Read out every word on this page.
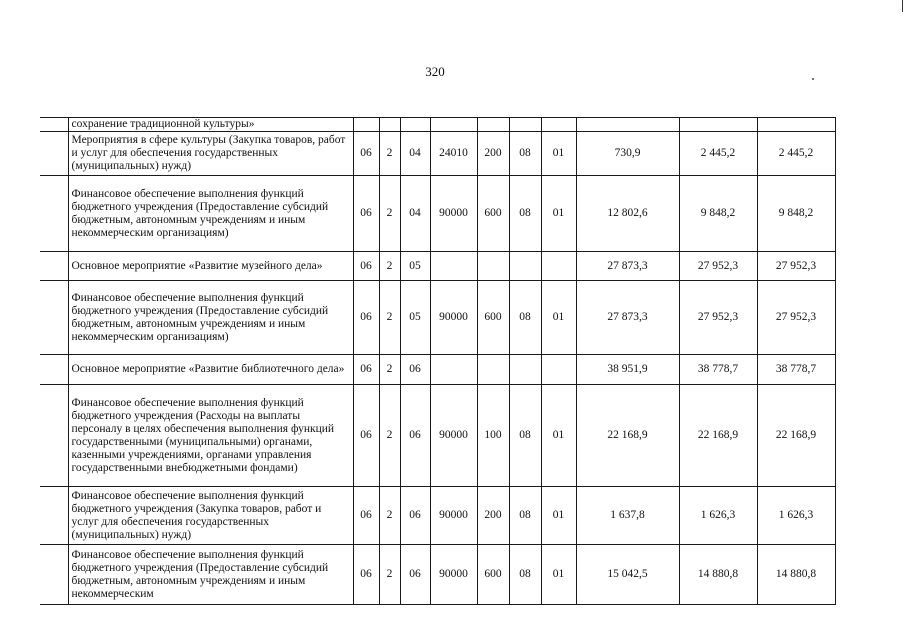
320
	сохранение традиционной культуры»										
	Мероприятия в сфере культуры (Закупка товаров, работ и услуг для обеспечения государственных (муниципальных) нужд)	06	2	04	24010	200	08	01	730,9	2 445,2	2 445,2
	Финансовое обеспечение выполнения функций бюджетного учреждения (Предоставление субсидий бюджетным, автономным учреждениям и иным некоммерческим организациям)	06	2	04	90000	600	08	01	12 802,6	9 848,2	9 848,2
	Основное мероприятие «Развитие музейного дела»	06	2	05					27 873,3	27 952,3	27 952,3
	Финансовое обеспечение выполнения функций бюджетного учреждения (Предоставление субсидий бюджетным, автономным учреждениям и иным некоммерческим организациям)	06	2	05	90000	600	08	01	27 873,3	27 952,3	27 952,3
	Основное мероприятие «Развитие библиотечного дела»	06	2	06					38 951,9	38 778,7	38 778,7
	Финансовое обеспечение выполнения функций бюджетного учреждения (Расходы на выплаты персоналу в целях обеспечения выполнения функций государственными (муниципальными) органами, казенными учреждениями, органами управления государственными внебюджетными фондами)	06	2	06	90000	100	08	01	22 168,9	22 168,9	22 168,9
	Финансовое обеспечение выполнения функций бюджетного учреждения (Закупка товаров, работ и услуг для обеспечения государственных (муниципальных) нужд)	06	2	06	90000	200	08	01	1 637,8	1 626,3	1 626,3
	Финансовое обеспечение выполнения функций бюджетного учреждения (Предоставление субсидий бюджетным, автономным учреждениям и иным некоммерческим	06	2	06	90000	600	08	01	15 042,5	14 880,8	14 880,8
